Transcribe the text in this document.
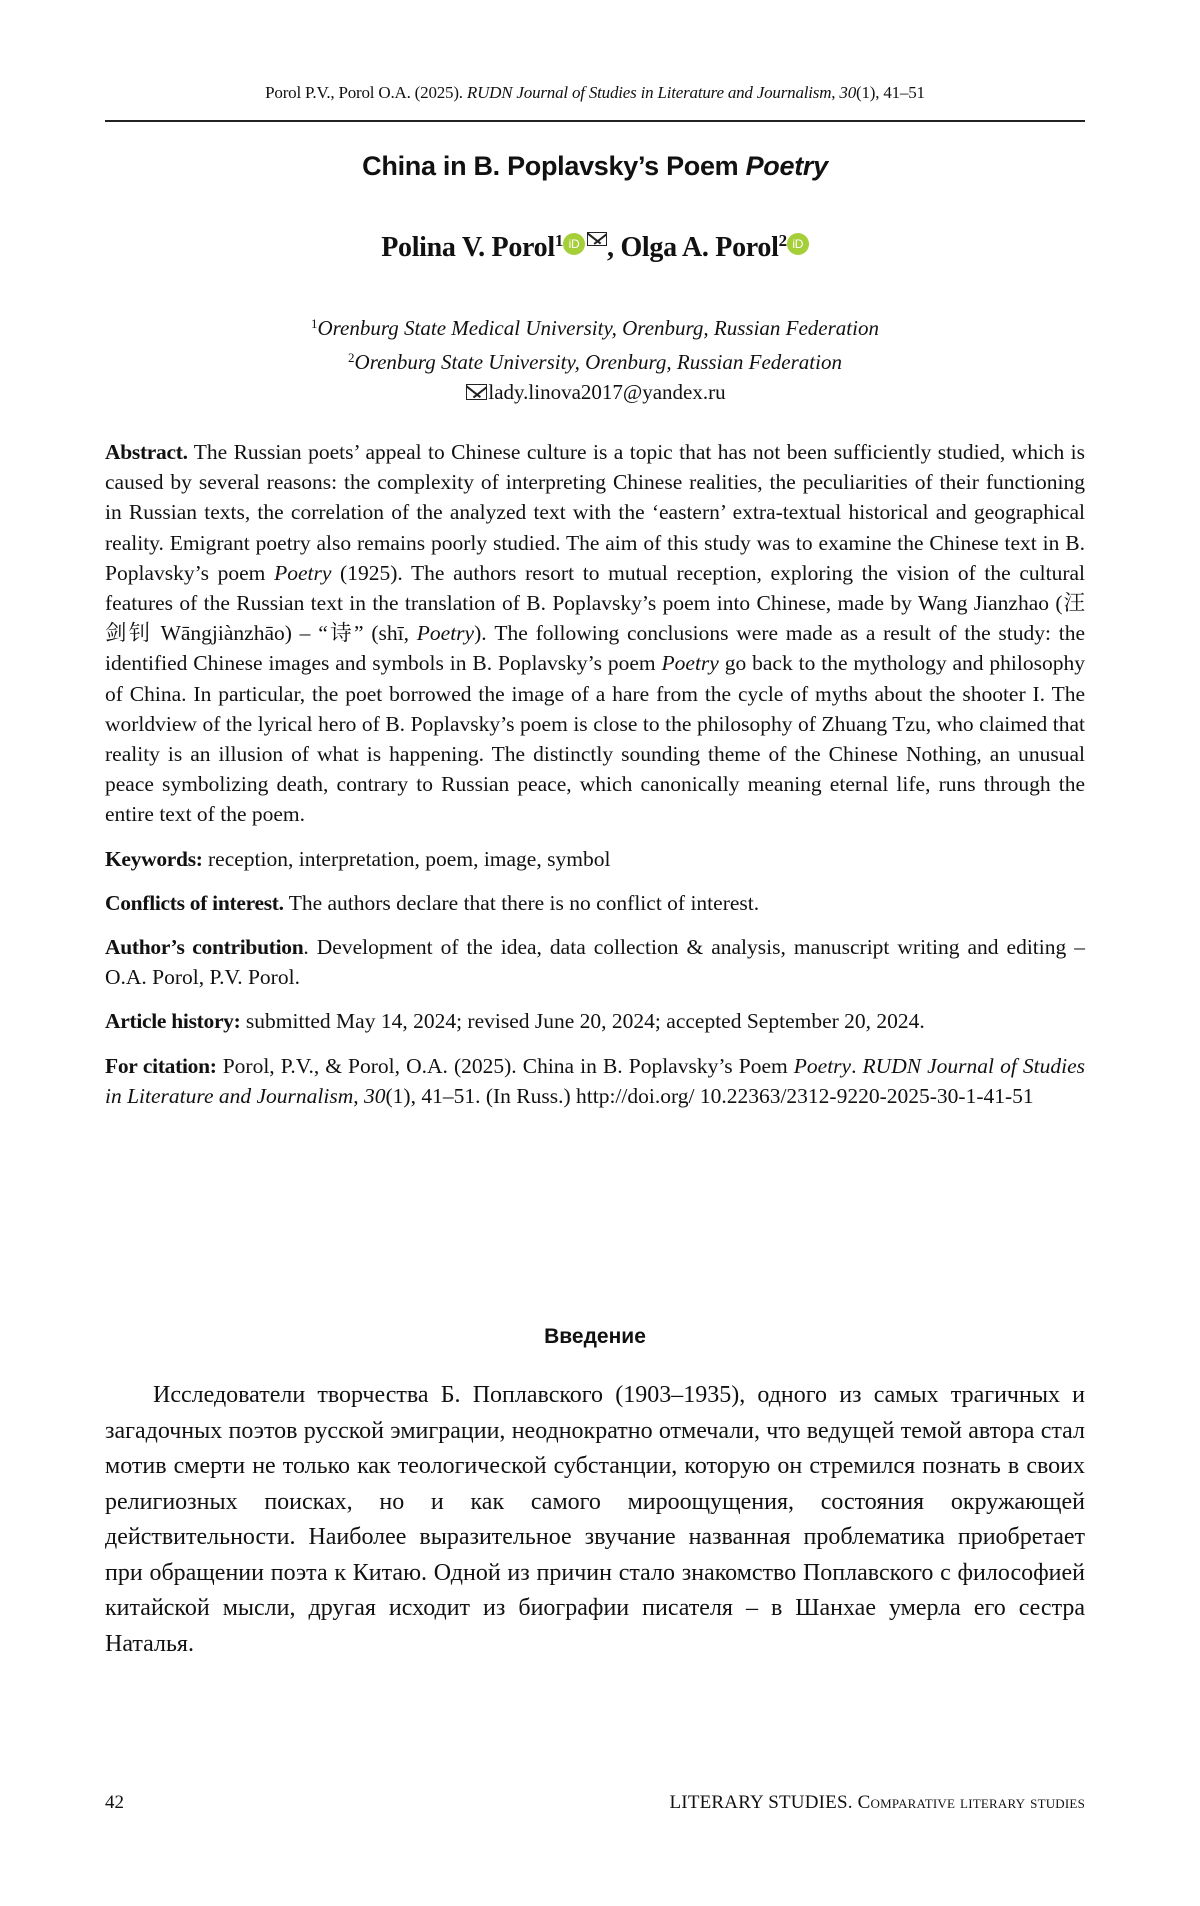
Porol P.V., Porol O.A. (2025). RUDN Journal of Studies in Literature and Journalism, 30(1), 41–51
China in B. Poplavsky’s Poem Poetry
Polina V. Porol$^1$ iD , Olga A. Porol$^2$ iD
$^1$Orenburg State Medical University, Orenburg, Russian Federation
$^2$Orenburg State University, Orenburg, Russian Federation
lady.linova2017@yandex.ru

Abstract. The Russian poets’ appeal to Chinese culture is a topic that has not been sufficiently studied, which is caused by several reasons: the complexity of interpreting Chinese realities, the peculiarities of their functioning in Russian texts, the correlation of the analyzed text with the ‘eastern’ extra-textual historical and geographical reality. Emigrant poetry also remains poorly studied. The aim of this study was to examine the Chinese text in B. Poplavsky’s poem Poetry (1925). The authors resort to mutual reception, exploring the vision of the cultural features of the Russian text in the translation of B. Poplavsky’s poem into Chinese, made by Wang Jianzhao (汪剑钊 Wāngjiànzhāo) – “诗” (shī, Poetry). The following conclusions were made as a result of the study: the identified Chinese images and symbols in B. Poplavsky’s poem Poetry go back to the mythology and philosophy of China. In particular, the poet borrowed the image of a hare from the cycle of myths about the shooter I. The worldview of the lyrical hero of B. Poplavsky’s poem is close to the philosophy of Zhuang Tzu, who claimed that reality is an illusion of what is happening. The distinctly sounding theme of the Chinese Nothing, an unusual peace symbolizing death, contrary to Russian peace, which canonically meaning eternal life, runs through the entire text of the poem.

Keywords: reception, interpretation, poem, image, symbol

Conflicts of interest. The authors declare that there is no conflict of interest.

Author’s contribution. Development of the idea, data collection & analysis, manuscript writing and editing – O.A. Porol, P.V. Porol.

Article history: submitted May 14, 2024; revised June 20, 2024; accepted September 20, 2024.

For citation: Porol, P.V., & Porol, O.A. (2025). China in B. Poplavsky’s Poem Poetry. RUDN Journal of Studies in Literature and Journalism, 30(1), 41–51. (In Russ.) http://doi.org/ 10.22363/2312-9220-2025-30-1-41-51

Введение

Исследователи творчества Б. Поплавского (1903–1935), одного из самых трагичных и загадочных поэтов русской эмиграции, неоднократно отмечали, что ведущей темой автора стал мотив смерти не только как теологической субстанции, которую он стремился познать в своих религиозных поисках, но и как самого мироощущения, состояния окружающей действительности. Наиболее выразительное звучание названная проблематика приобретает при обращении поэта к Китаю. Одной из причин стало знакомство Поплавского с философией китайской мысли, другая исходит из биографии писателя – в Шанхае умерла его сестра Наталья.

42	LITERARY STUDIES. Comparative literary studies
